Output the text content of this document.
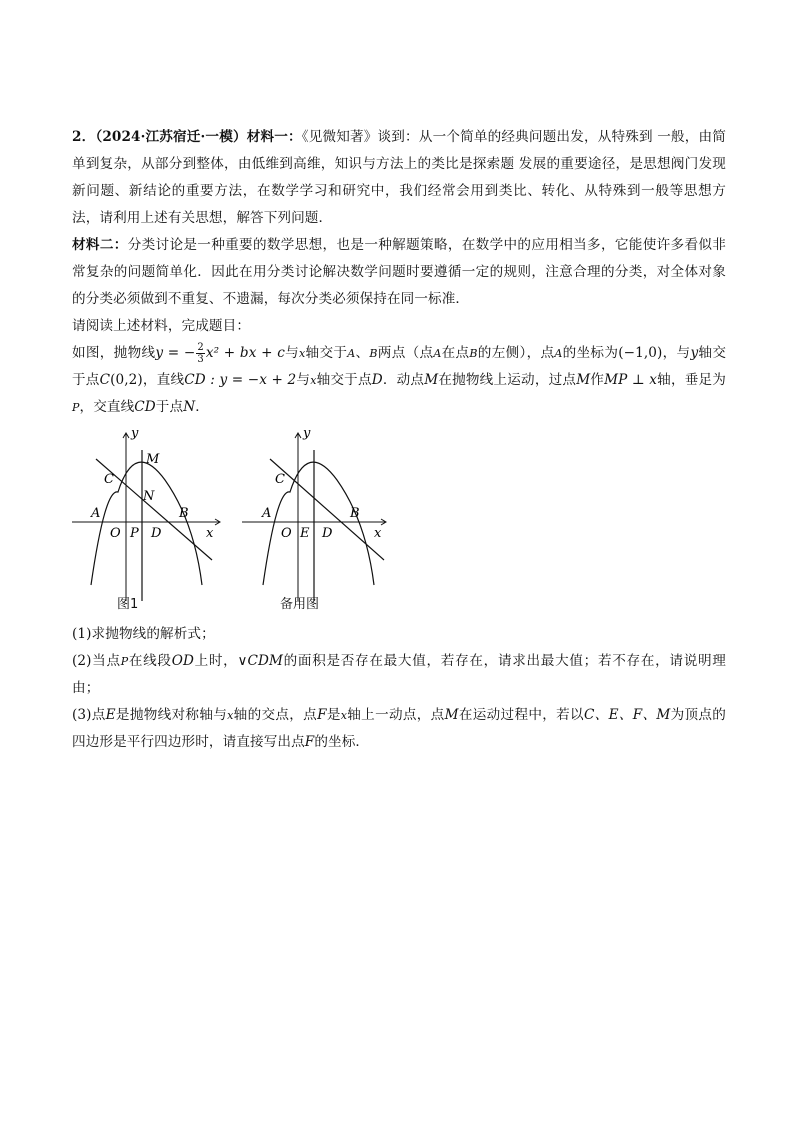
2．（2024·江苏宿迁·一模）材料一：《见微知著》谈到：从一个简单的经典问题出发，从特殊到 一般，由简单到复杂，从部分到整体，由低维到高维，知识与方法上的类比是探索题 发展的重要途径，是思想阀门发现新问题、新结论的重要方法，在数学学习和研究中，我们经常会用到类比、转化、从特殊到一般等思想方法，请利用上述有关思想，解答下列问题．

材料二：分类讨论是一种重要的数学思想，也是一种解题策略，在数学中的应用相当多，它能使许多看似非常复杂的问题简单化．因此在用分类讨论解决数学问题时要遵循一定的规则，注意合理的分类，对全体对象的分类必须做到不重复、不遗漏，每次分类必须保持在同一标准．

请阅读上述材料，完成题目：

如图，抛物线y = − $\frac{2}{3} x^2$ + bx + c与x轴交于A、B两点（点A在点B的左侧），点A的坐标为(−1,0)，与y轴交于点C(0,2)，直线CD : y = −x + 2与x轴交于点D．动点M在抛物线上运动，过点M作MP ⊥ x轴，垂足为P，交直线CD于点N．

y
x
C
M
N
A	B
O P D
图1
y
x
C
A	B
O E D
备用图

(1)求抛物线的解析式；

(2)当点P在线段OD上时，∨CDM的面积是否存在最大值，若存在，请求出最大值；若不存在，请说明理由；

(3)点E是抛物线对称轴与x轴的交点，点F是x轴上一动点，点M在运动过程中，若以C、E、F、M为顶点的四边形是平行四边形时，请直接写出点F的坐标．
